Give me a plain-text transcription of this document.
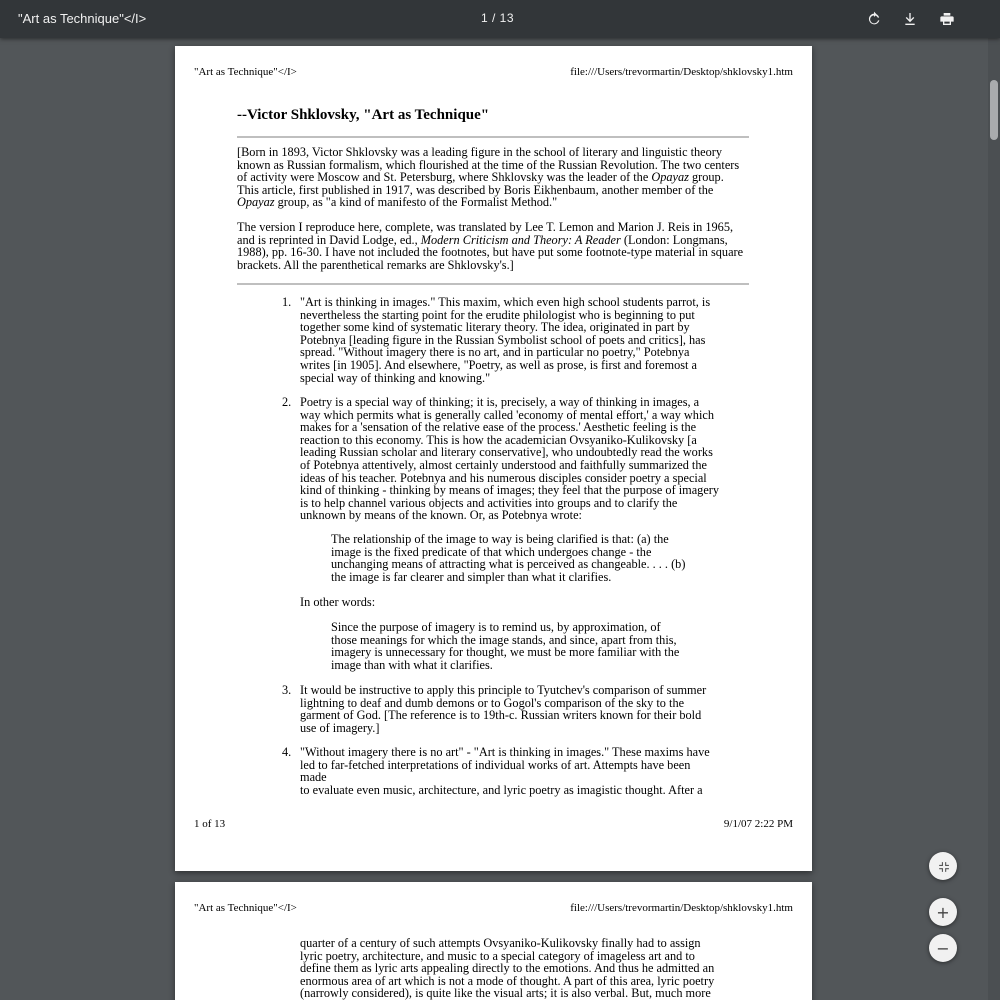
"Art as Technique"</I>	1 / 13
"Art as Technique"</I>	file:///Users/trevormartin/Desktop/shklovsky1.htm
--Victor Shklovsky, "Art as Technique"
[Born in 1893, Victor Shklovsky was a leading figure in the school of literary and linguistic theory
known as Russian formalism, which flourished at the time of the Russian Revolution. The two centers
of activity were Moscow and St. Petersburg, where Shklovsky was the leader of the Opayaz group.
This article, first published in 1917, was described by Boris Eikhenbaum, another member of the
Opayaz group, as "a kind of manifesto of the Formalist Method."
The version I reproduce here, complete, was translated by Lee T. Lemon and Marion J. Reis in 1965,
and is reprinted in David Lodge, ed., Modern Criticism and Theory: A Reader (London: Longmans,
1988), pp. 16-30. I have not included the footnotes, but have put some footnote-type material in square
brackets. All the parenthetical remarks are Shklovsky's.]
1. "Art is thinking in images." This maxim, which even high school students parrot, is
nevertheless the starting point for the erudite philologist who is beginning to put
together some kind of systematic literary theory. The idea, originated in part by
Potebnya [leading figure in the Russian Symbolist school of poets and critics], has
spread. "Without imagery there is no art, and in particular no poetry," Potebnya
writes [in 1905]. And elsewhere, "Poetry, as well as prose, is first and foremost a
special way of thinking and knowing."
2. Poetry is a special way of thinking; it is, precisely, a way of thinking in images, a
way which permits what is generally called 'economy of mental effort,' a way which
makes for a 'sensation of the relative ease of the process.' Aesthetic feeling is the
reaction to this economy. This is how the academician Ovsyaniko-Kulikovsky [a
leading Russian scholar and literary conservative], who undoubtedly read the works
of Potebnya attentively, almost certainly understood and faithfully summarized the
ideas of his teacher. Potebnya and his numerous disciples consider poetry a special
kind of thinking - thinking by means of images; they feel that the purpose of imagery
is to help channel various objects and activities into groups and to clarify the
unknown by means of the known. Or, as Potebnya wrote:
The relationship of the image to way is being clarified is that: (a) the
image is the fixed predicate of that which undergoes change - the
unchanging means of attracting what is perceived as changeable. . . . (b)
the image is far clearer and simpler than what it clarifies.
In other words:
Since the purpose of imagery is to remind us, by approximation, of
those meanings for which the image stands, and since, apart from this,
imagery is unnecessary for thought, we must be more familiar with the
image than with what it clarifies.
3. It would be instructive to apply this principle to Tyutchev's comparison of summer
lightning to deaf and dumb demons or to Gogol's comparison of the sky to the
garment of God. [The reference is to 19th-c. Russian writers known for their bold
use of imagery.]
4. "Without imagery there is no art" - "Art is thinking in images." These maxims have
led to far-fetched interpretations of individual works of art. Attempts have been made
to evaluate even music, architecture, and lyric poetry as imagistic thought. After a
1 of 13	9/1/07 2:22 PM
"Art as Technique"</I>	file:///Users/trevormartin/Desktop/shklovsky1.htm
quarter of a century of such attempts Ovsyaniko-Kulikovsky finally had to assign
lyric poetry, architecture, and music to a special category of imageless art and to
define them as lyric arts appealing directly to the emotions. And thus he admitted an
enormous area of art which is not a mode of thought. A part of this area, lyric poetry
(narrowly considered), is quite like the visual arts; it is also verbal. But, much more
+
−
